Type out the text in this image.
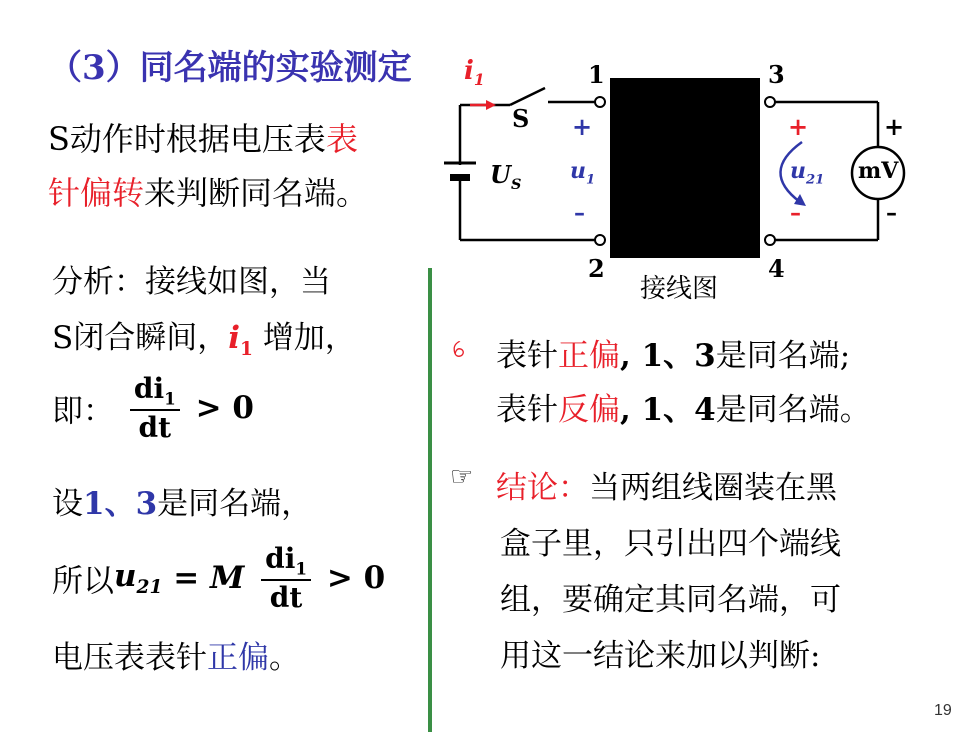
（3）同名端的实验测定
S动作时根据电压表表
针偏转来判断同名端。
$i_1$
S
$U_S$
$u_1$
+
–
1
2
3
4
+
–
$u_{21}$ mV
+
–
接线图
分析：接线如图，当
S闭合瞬间，$i_1$ 增加，
即： $\frac{di_1}{dt} > 0$
设1、3是同名端，
所以$u_{21} = M \frac{di_1}{dt} > 0$
电压表表针正偏。
ꕃ 表针正偏, 1、3是同名端;
表针反偏, 1、4是同名端。
☞ 结论：当两组线圈装在黑
盒子里，只引出四个端线
组，要确定其同名端，可
用这一结论来加以判断:
19
